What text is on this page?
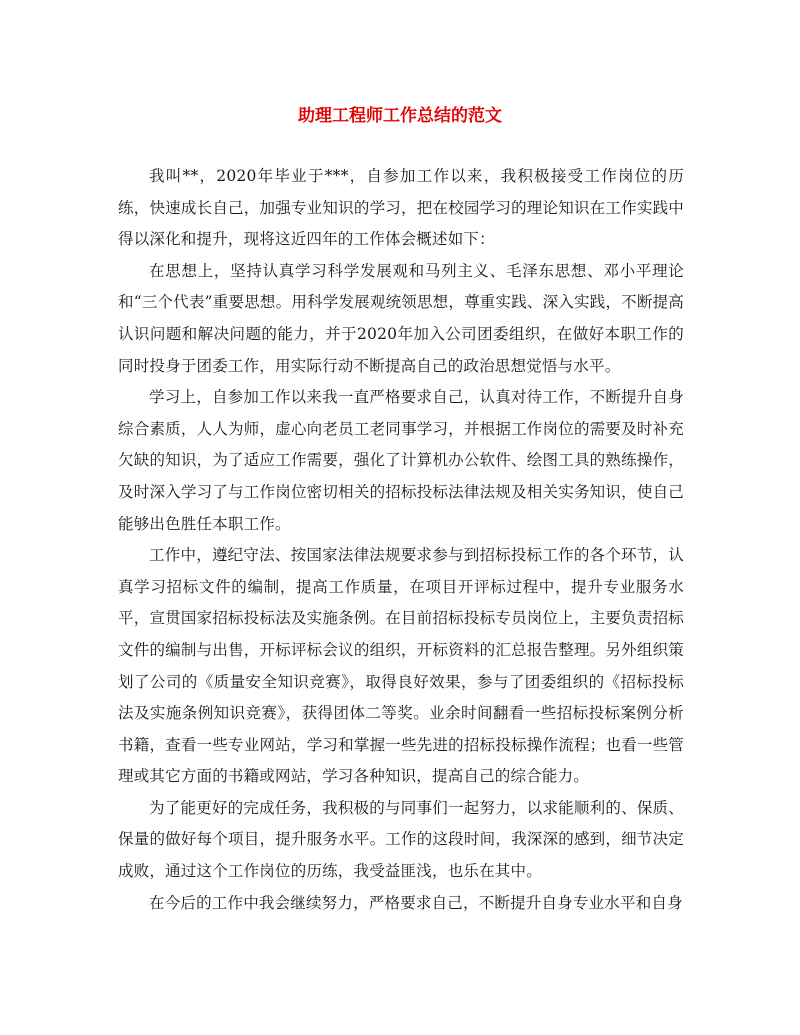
助理工程师工作总结的范文

我叫**，2020年毕业于***，自参加工作以来，我积极接受工作岗位的历练，快速成长自己，加强专业知识的学习，把在校园学习的理论知识在工作实践中得以深化和提升，现将这近四年的工作体会概述如下：

在思想上，坚持认真学习科学发展观和马列主义、毛泽东思想、邓小平理论和“三个代表”重要思想。用科学发展观统领思想，尊重实践、深入实践，不断提高认识问题和解决问题的能力，并于2020年加入公司团委组织，在做好本职工作的同时投身于团委工作，用实际行动不断提高自己的政治思想觉悟与水平。

学习上，自参加工作以来我一直严格要求自己，认真对待工作，不断提升自身综合素质，人人为师，虚心向老员工老同事学习，并根据工作岗位的需要及时补充欠缺的知识，为了适应工作需要，强化了计算机办公软件、绘图工具的熟练操作，及时深入学习了与工作岗位密切相关的招标投标法律法规及相关实务知识，使自己能够出色胜任本职工作。

工作中，遵纪守法、按国家法律法规要求参与到招标投标工作的各个环节，认真学习招标文件的编制，提高工作质量，在项目开评标过程中，提升专业服务水平，宣贯国家招标投标法及实施条例。在目前招标投标专员岗位上，主要负责招标文件的编制与出售，开标评标会议的组织，开标资料的汇总报告整理。另外组织策划了公司的《质量安全知识竞赛》，取得良好效果，参与了团委组织的《招标投标法及实施条例知识竞赛》，获得团体二等奖。业余时间翻看一些招标投标案例分析书籍，查看一些专业网站，学习和掌握一些先进的招标投标操作流程；也看一些管理或其它方面的书籍或网站，学习各种知识，提高自己的综合能力。

为了能更好的完成任务，我积极的与同事们一起努力，以求能顺利的、保质、保量的做好每个项目，提升服务水平。工作的这段时间，我深深的感到，细节决定成败，通过这个工作岗位的历练，我受益匪浅，也乐在其中。

在今后的工作中我会继续努力，严格要求自己，不断提升自身专业水平和自身
